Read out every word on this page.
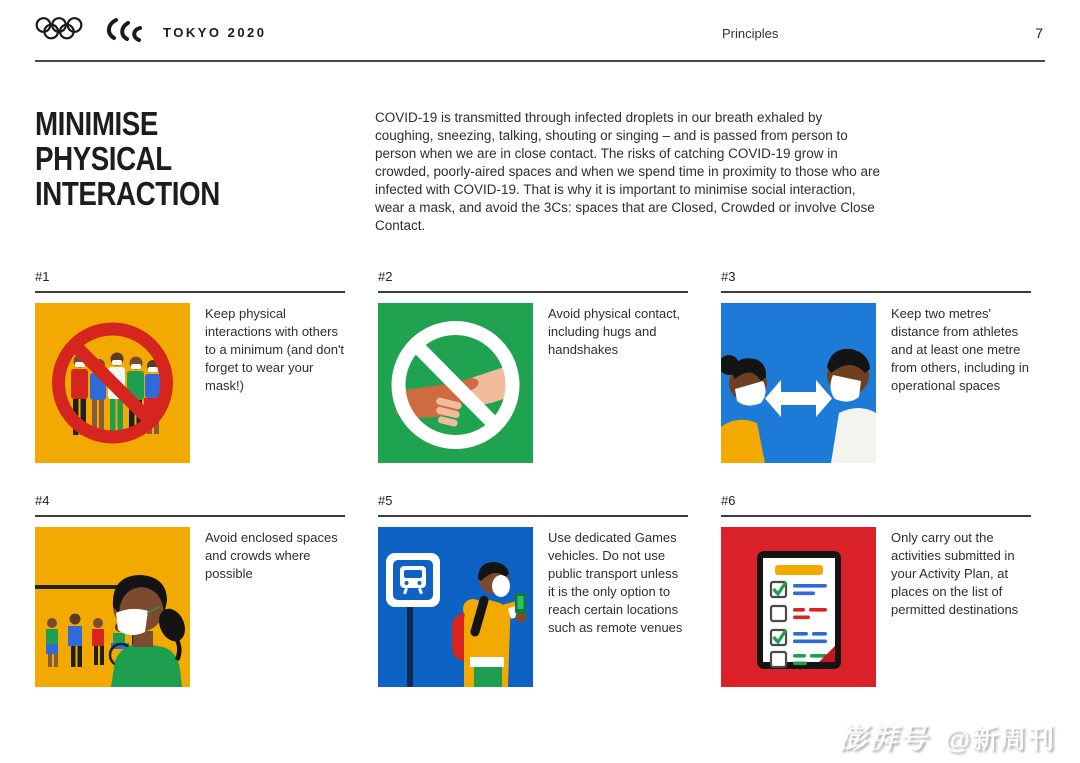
TOKYO 2020	Principles	7
MINIMISE
PHYSICAL
INTERACTION

COVID-19 is transmitted through infected droplets in our breath exhaled by coughing, sneezing, talking, shouting or singing – and is passed from person to person when we are in close contact. The risks of catching COVID-19 grow in crowded, poorly-aired spaces and when we spend time in proximity to those who are infected with COVID-19. That is why it is important to minimise social interaction, wear a mask, and avoid the 3Cs: spaces that are Closed, Crowded or involve Close Contact.

#1

Keep physical interactions with others to a minimum (and don't forget to wear your mask!)

#2

Avoid physical contact, including hugs and handshakes

#3

Keep two metres' distance from athletes and at least one metre from others, including in operational spaces

#4

Avoid enclosed spaces and crowds where possible

#5

Use dedicated Games vehicles. Do not use public transport unless it is the only option to reach certain locations such as remote venues

#6

Only carry out the activities submitted in your Activity Plan, at places on the list of permitted destinations

澎湃号 @新周刊
